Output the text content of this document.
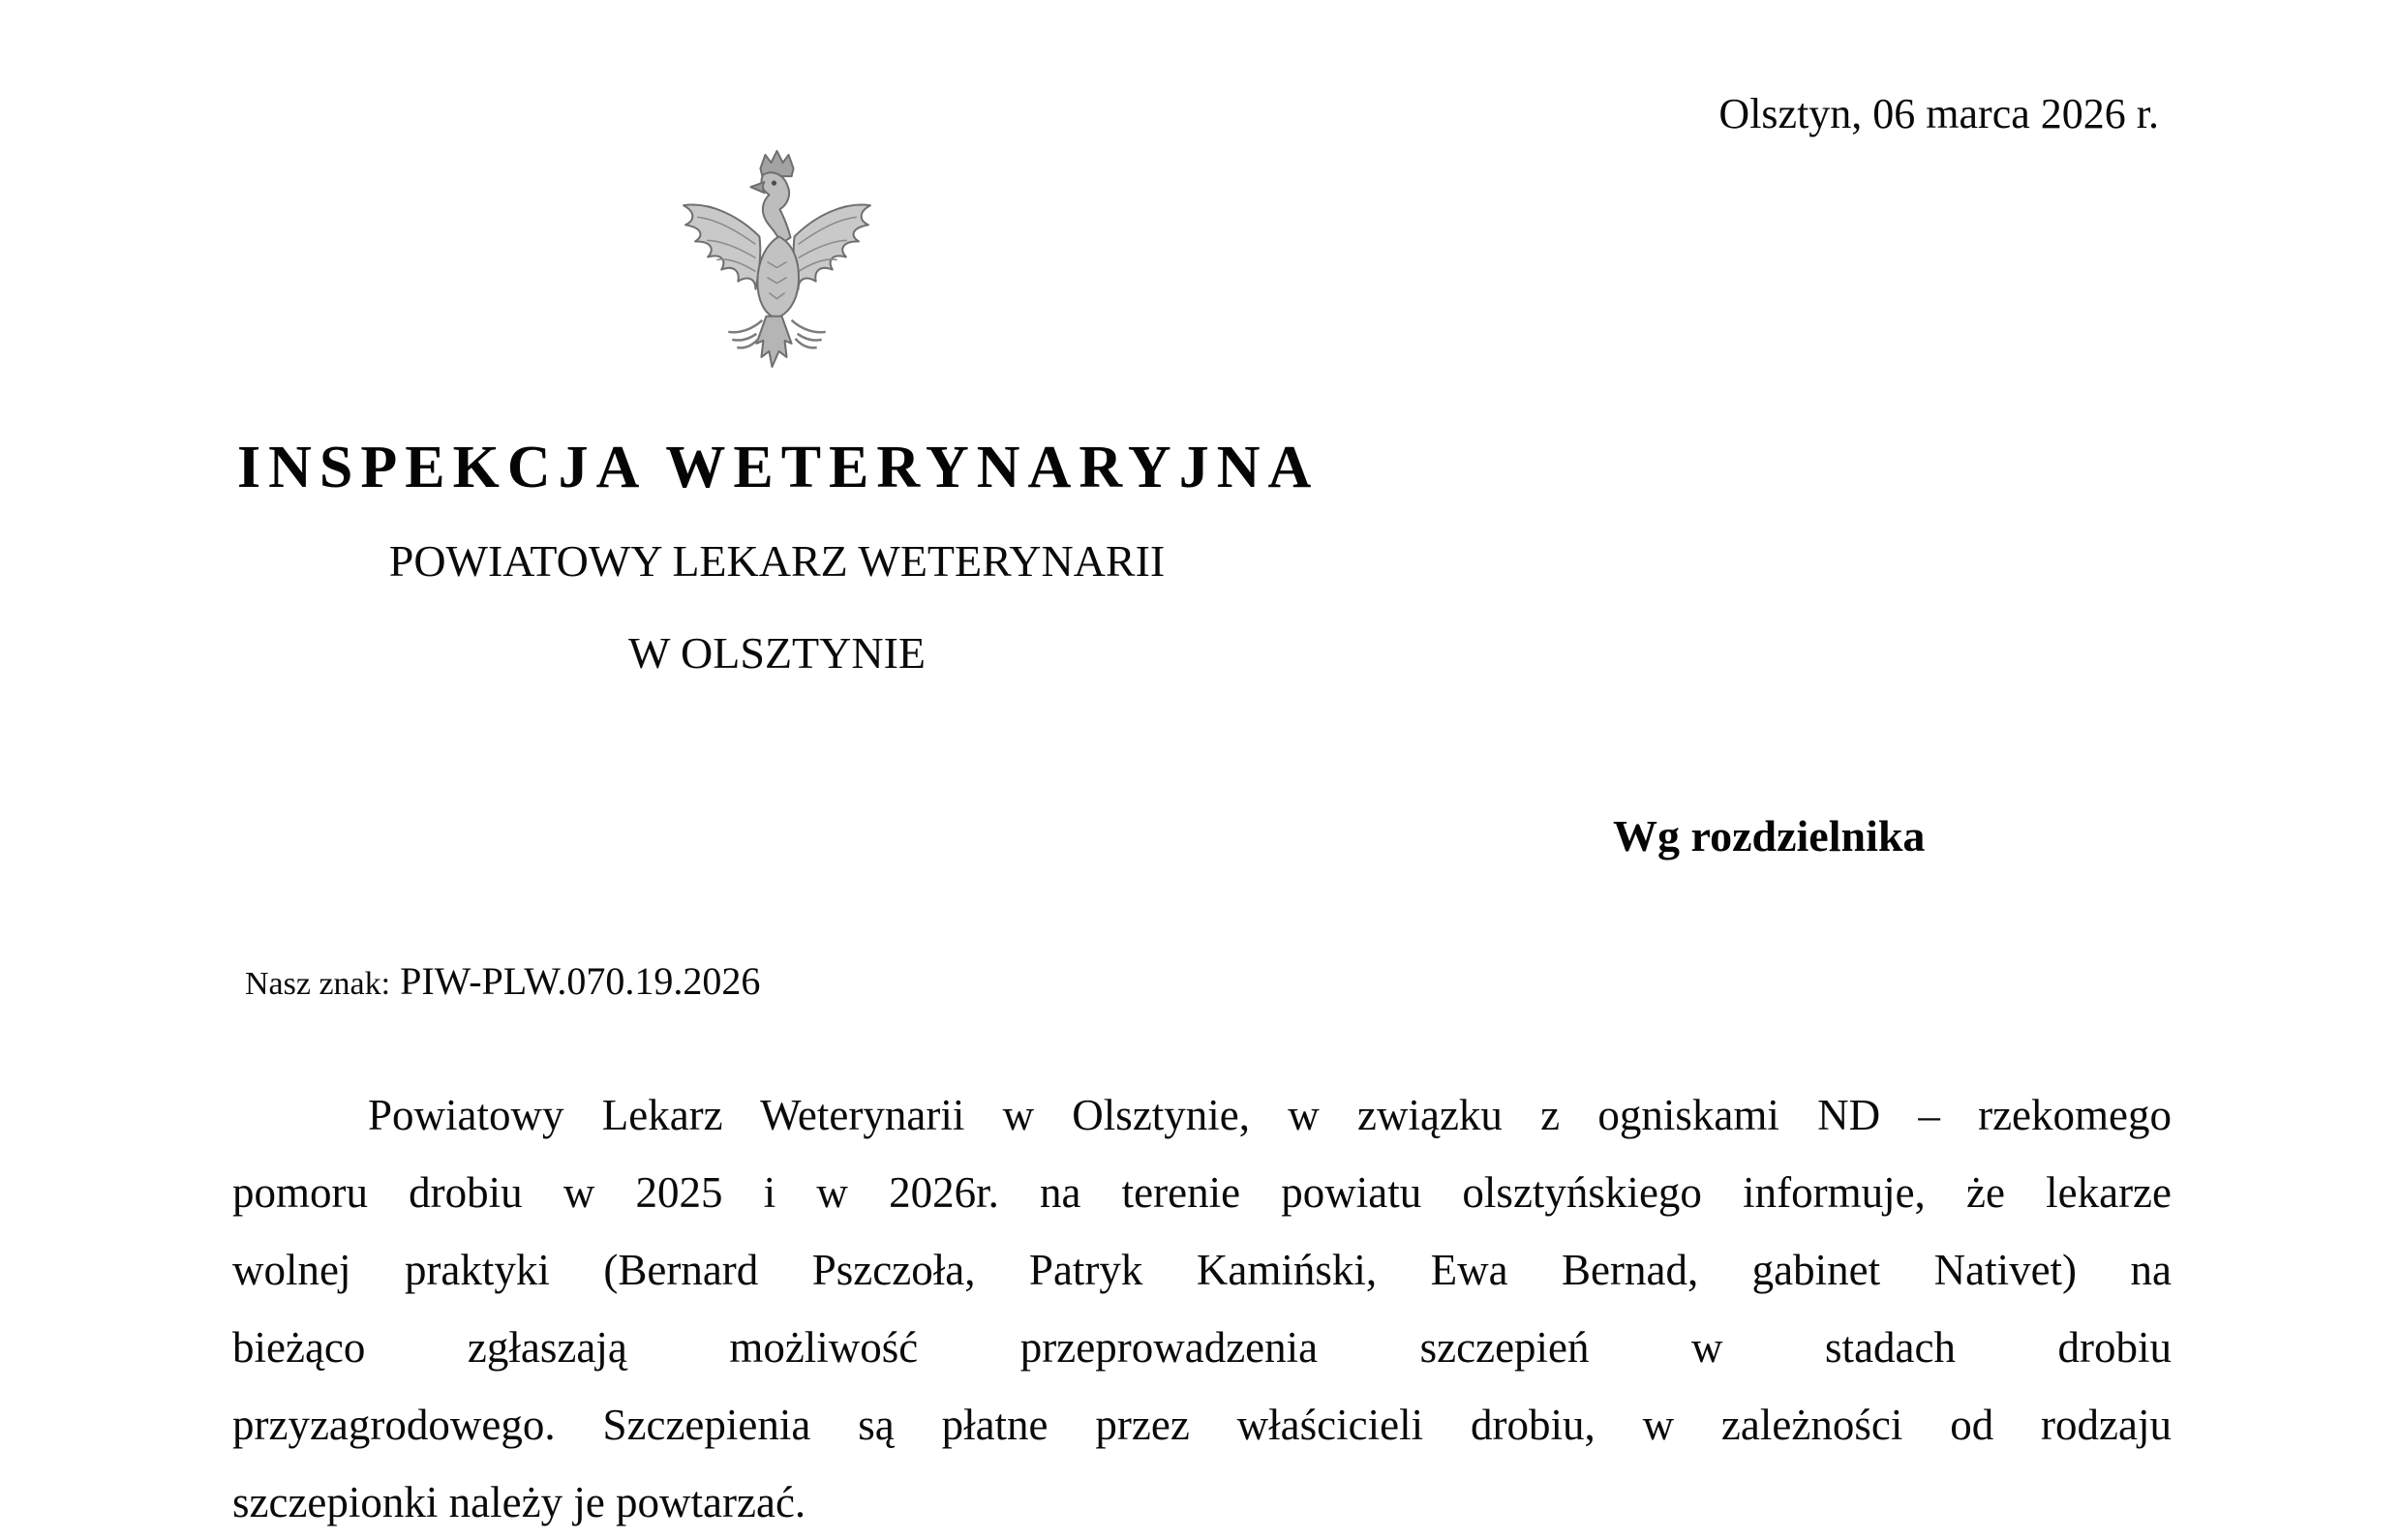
Olsztyn, 06 marca 2026 r.
INSPEKCJA WETERYNARYJNA
POWIATOWY LEKARZ WETERYNARII
W OLSZTYNIE
Wg rozdzielnika
Nasz znak: PIW-PLW.070.19.2026
Powiatowy Lekarz Weterynarii w Olsztynie, w związku z ogniskami ND – rzekomego
pomoru drobiu w 2025 i w 2026r. na terenie powiatu olsztyńskiego informuje, że lekarze
wolnej praktyki (Bernard Pszczoła, Patryk Kamiński, Ewa Bernad, gabinet Nativet) na
bieżąco zgłaszają możliwość przeprowadzenia szczepień w stadach drobiu
przyzagrodowego. Szczepienia są płatne przez właścicieli drobiu, w zależności od rodzaju
szczepionki należy je powtarzać.
